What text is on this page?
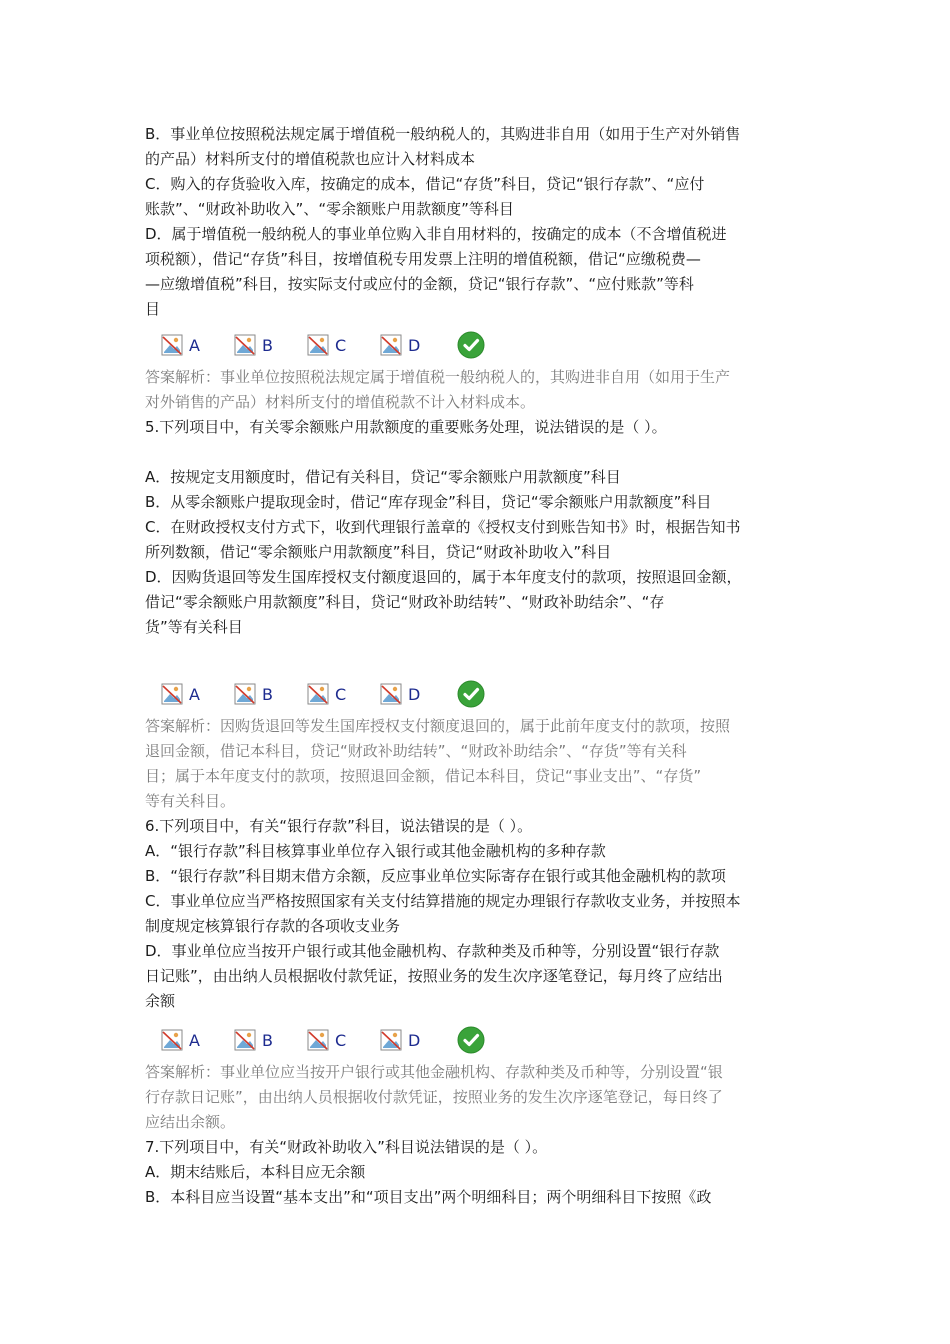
B．事业单位按照税法规定属于增值税一般纳税人的，其购进非自用（如用于生产对外销售
的产品）材料所支付的增值税款也应计入材料成本
C．购入的存货验收入库，按确定的成本，借记“存货”科目，贷记“银行存款”、“应付
账款”、“财政补助收入”、“零余额账户用款额度”等科目
D．属于增值税一般纳税人的事业单位购入非自用材料的，按确定的成本（不含增值税进
项税额），借记“存货”科目，按增值税专用发票上注明的增值税额，借记“应缴税费—
—应缴增值税”科目，按实际支付或应付的金额，贷记“银行存款”、“应付账款”等科
目
A	B	C	D
答案解析：事业单位按照税法规定属于增值税一般纳税人的，其购进非自用（如用于生产
对外销售的产品）材料所支付的增值税款不计入材料成本。
5.下列项目中，有关零余额账户用款额度的重要账务处理，说法错误的是（ ）。
A．按规定支用额度时，借记有关科目，贷记“零余额账户用款额度”科目
B．从零余额账户提取现金时，借记“库存现金”科目，贷记“零余额账户用款额度”科目
C．在财政授权支付方式下，收到代理银行盖章的《授权支付到账告知书》时，根据告知书
所列数额，借记“零余额账户用款额度”科目，贷记“财政补助收入”科目
D．因购货退回等发生国库授权支付额度退回的，属于本年度支付的款项，按照退回金额，
借记“零余额账户用款额度”科目，贷记“财政补助结转”、“财政补助结余”、“存
货”等有关科目
A	B	C	D
答案解析：因购货退回等发生国库授权支付额度退回的，属于此前年度支付的款项，按照
退回金额，借记本科目，贷记“财政补助结转”、“财政补助结余”、“存货”等有关科
目；属于本年度支付的款项，按照退回金额，借记本科目，贷记“事业支出”、“存货”
等有关科目。
6.下列项目中，有关“银行存款”科目，说法错误的是（ ）。
A．“银行存款”科目核算事业单位存入银行或其他金融机构的多种存款
B．“银行存款”科目期末借方余额，反应事业单位实际寄存在银行或其他金融机构的款项
C．事业单位应当严格按照国家有关支付结算措施的规定办理银行存款收支业务，并按照本
制度规定核算银行存款的各项收支业务
D．事业单位应当按开户银行或其他金融机构、存款种类及币种等，分别设置“银行存款
日记账”，由出纳人员根据收付款凭证，按照业务的发生次序逐笔登记，每月终了应结出
余额
A	B	C	D
答案解析：事业单位应当按开户银行或其他金融机构、存款种类及币种等，分别设置“银
行存款日记账”，由出纳人员根据收付款凭证，按照业务的发生次序逐笔登记，每日终了
应结出余额。
7.下列项目中，有关“财政补助收入”科目说法错误的是（ ）。
A．期末结账后，本科目应无余额
B．本科目应当设置“基本支出”和“项目支出”两个明细科目；两个明细科目下按照《政
